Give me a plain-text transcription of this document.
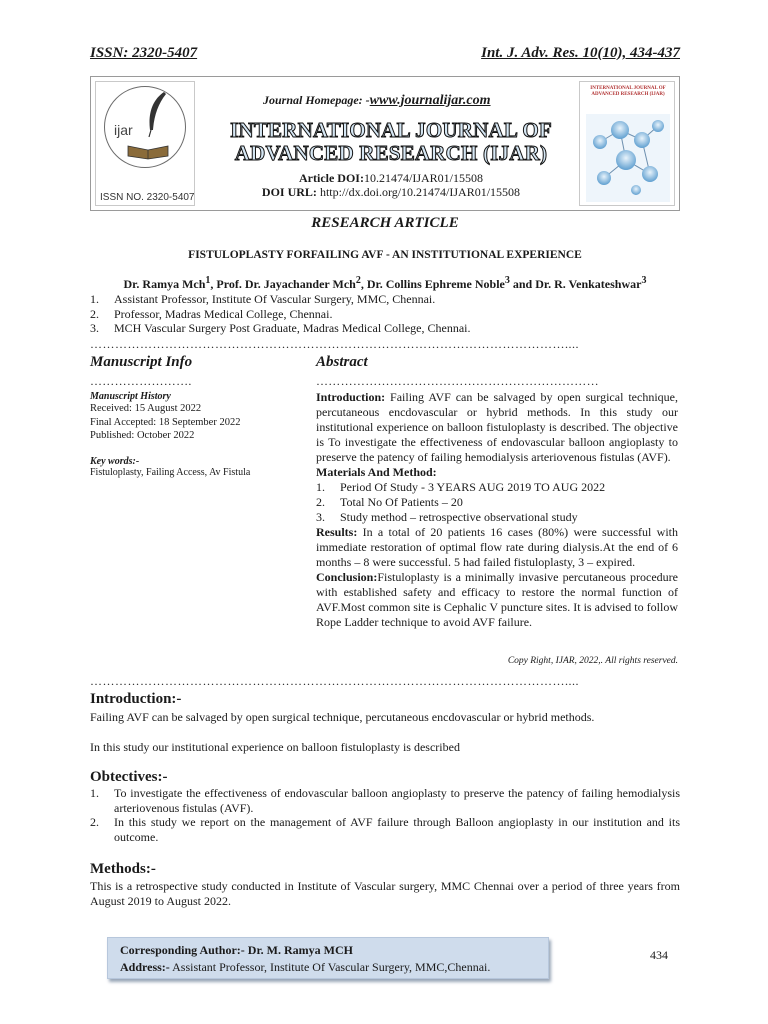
ISSN: 2320-5407	Int. J. Adv. Res. 10(10), 434-437
ijar
ISSN NO. 2320-5407
Journal Homepage: -www.journalijar.com
INTERNATIONAL JOURNAL OF
ADVANCED RESEARCH (IJAR)
Article DOI:10.21474/IJAR01/15508
DOI URL: http://dx.doi.org/10.21474/IJAR01/15508
INTERNATIONAL JOURNAL OF ADVANCED RESEARCH (IJAR)
RESEARCH ARTICLE
FISTULOPLASTY FORFAILING AVF - AN INSTITUTIONAL EXPERIENCE
Dr. Ramya Mch$^1$, Prof. Dr. Jayachander Mch$^2$, Dr. Collins Ephreme Noble$^3$ and Dr. R. Venkateshwar$^3$
1.	Assistant Professor, Institute Of Vascular Surgery, MMC, Chennai.
2.	Professor, Madras Medical College, Chennai.
3.	MCH Vascular Surgery Post Graduate, Madras Medical College, Chennai.
……………………………………………………………………………………………………....
Manuscript Info
…………………….
Manuscript History
Received: 15 August 2022
Final Accepted: 18 September 2022
Published: October 2022
Key words:-
Fistuloplasty, Failing Access, Av Fistula
Abstract
……………………………………………………………

Introduction: Failing AVF can be salvaged by open surgical technique, percutaneous encdovascular or hybrid methods. In this study our institutional experience on balloon fistuloplasty is described. The objective is To investigate the effectiveness of endovascular balloon angioplasty to preserve the patency of failing hemodialysis arteriovenous fistulas (AVF).

Materials And Method:

1.	Period Of Study - 3 YEARS AUG 2019 TO AUG 2022
2.	Total No Of Patients – 20
3.	Study method – retrospective observational study

Results: In a total of 20 patients 16 cases (80%) were successful with immediate restoration of optimal flow rate during dialysis.At the end of 6 months – 8 were successful. 5 had failed fistuloplasty, 3 – expired.

Conclusion:Fistuloplasty is a minimally invasive percutaneous procedure with established safety and efficacy to restore the normal function of AVF.Most common site is Cephalic V puncture sites. It is advised to follow Rope Ladder technique to avoid AVF failure.

Copy Right, IJAR, 2022,. All rights reserved.
……………………………………………………………………………………………………....
Introduction:-
Failing AVF can be salvaged by open surgical technique, percutaneous encdovascular or hybrid methods.
In this study our institutional experience on balloon fistuloplasty is described
Obtectives:-
1.	To investigate the effectiveness of endovascular balloon angioplasty to preserve the patency of failing hemodialysis arteriovenous fistulas (AVF).
2.	In this study we report on the management of AVF failure through Balloon angioplasty in our institution and its outcome.
Methods:-
This is a retrospective study conducted in Institute of Vascular surgery, MMC Chennai over a period of three years from August 2019 to August 2022.
Corresponding Author:- Dr. M. Ramya MCH
Address:- Assistant Professor, Institute Of Vascular Surgery, MMC,Chennai.
434
